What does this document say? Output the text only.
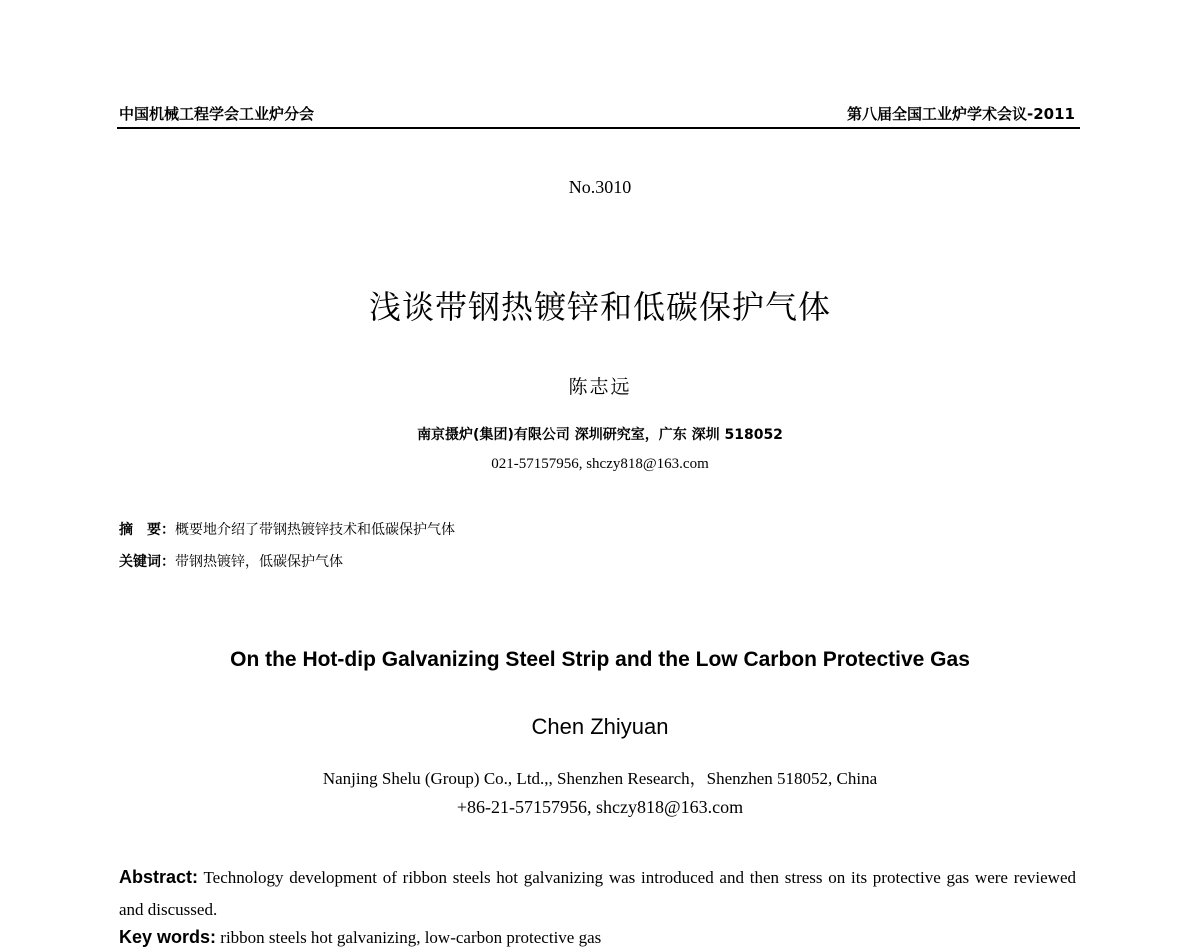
中国机械工程学会工业炉分会	第八届全国工业炉学术会议-2011
No.3010
浅谈带钢热镀锌和低碳保护气体
陈志远
南京摄炉(集团)有限公司 深圳研究室，广东 深圳 518052
021-57157956, shczy818@163.com
摘　要：概要地介绍了带钢热镀锌技术和低碳保护气体
关键词：带钢热镀锌，低碳保护气体
On the Hot-dip Galvanizing Steel Strip and the Low Carbon Protective Gas
Chen Zhiyuan
Nanjing Shelu (Group) Co., Ltd.,, Shenzhen Research，Shenzhen 518052, China
+86-21-57157956, shczy818@163.com
Abstract: Technology development of ribbon steels hot galvanizing was introduced and then stress on its protective gas were reviewed and discussed.
Key words: ribbon steels hot galvanizing, low-carbon protective gas
